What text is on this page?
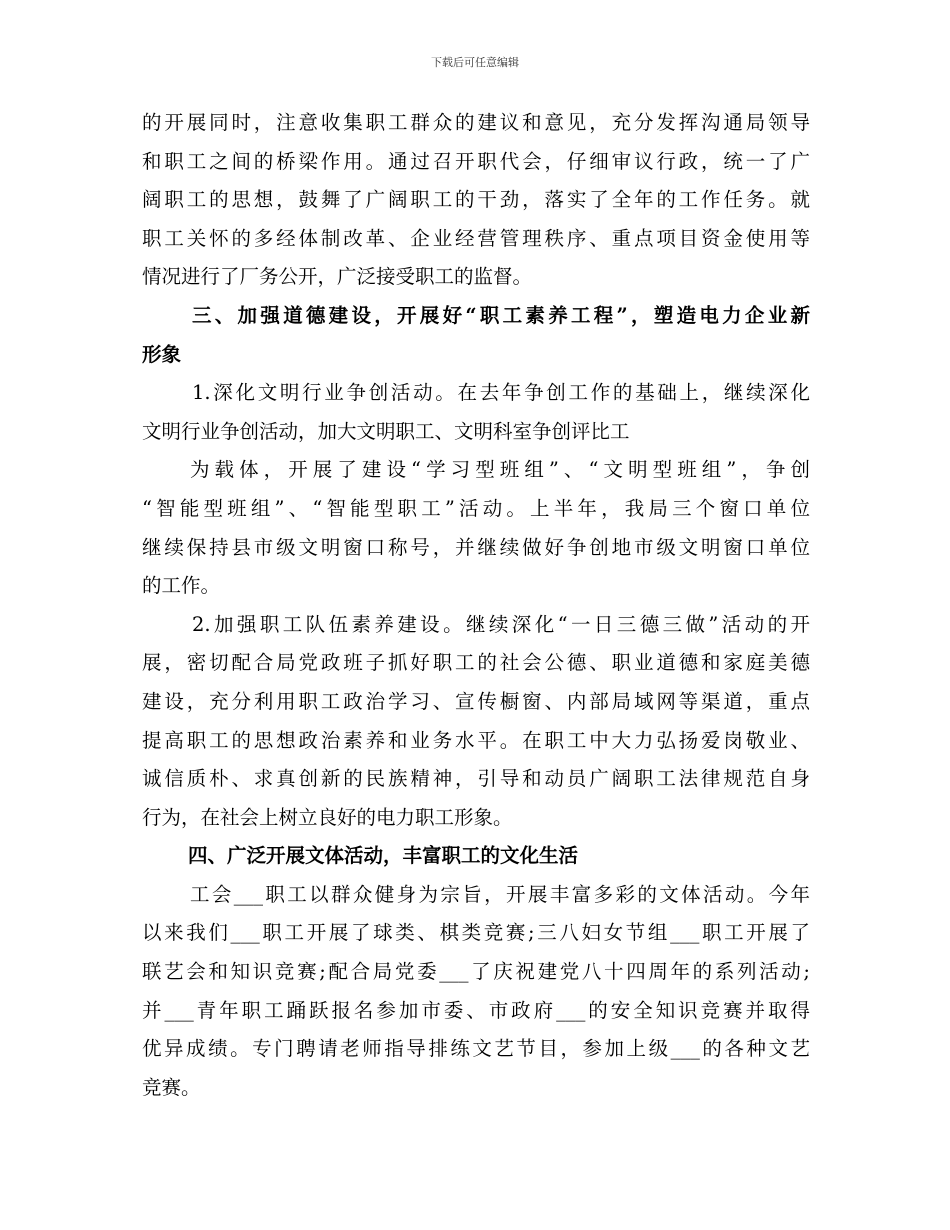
下载后可任意编辑
的开展同时，注意收集职工群众的建议和意见，充分发挥沟通局领导
和职工之间的桥梁作用。通过召开职代会，仔细审议行政，统一了广
阔职工的思想，鼓舞了广阔职工的干劲，落实了全年的工作任务。就
职工关怀的多经体制改革、企业经营管理秩序、重点项目资金使用等
情况进行了厂务公开，广泛接受职工的监督。
三、加强道德建设，开展好“职工素养工程”，塑造电力企业新
形象
1.深化文明行业争创活动。在去年争创工作的基础上，继续深化
文明行业争创活动，加大文明职工、文明科室争创评比工
为载体，开展了建设“学习型班组”、“文明型班组”，争创
“智能型班组”、“智能型职工”活动。上半年，我局三个窗口单位
继续保持县市级文明窗口称号，并继续做好争创地市级文明窗口单位
的工作。
2.加强职工队伍素养建设。继续深化“一日三德三做”活动的开
展，密切配合局党政班子抓好职工的社会公德、职业道德和家庭美德
建设，充分利用职工政治学习、宣传橱窗、内部局域网等渠道，重点
提高职工的思想政治素养和业务水平。在职工中大力弘扬爱岗敬业、
诚信质朴、求真创新的民族精神，引导和动员广阔职工法律规范自身
行为，在社会上树立良好的电力职工形象。
四、广泛开展文体活动，丰富职工的文化生活
工会___职工以群众健身为宗旨，开展丰富多彩的文体活动。今年
以来我们___职工开展了球类、棋类竞赛;三八妇女节组___职工开展了
联艺会和知识竞赛;配合局党委___了庆祝建党八十四周年的系列活动;
并___青年职工踊跃报名参加市委、市政府___的安全知识竞赛并取得
优异成绩。专门聘请老师指导排练文艺节目，参加上级___的各种文艺
竞赛。
